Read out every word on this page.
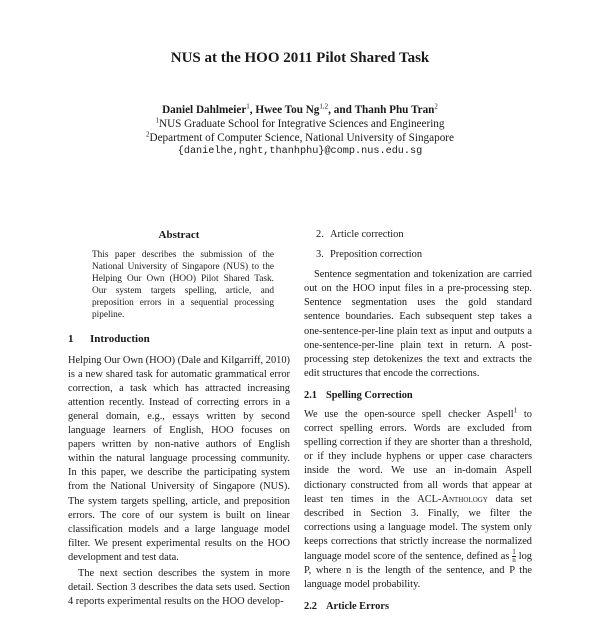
NUS at the HOO 2011 Pilot Shared Task
Daniel Dahlmeier$^1$, Hwee Tou Ng$^{1,2}$, and Thanh Phu Tran$^2$
$^1$NUS Graduate School for Integrative Sciences and Engineering
$^2$Department of Computer Science, National University of Singapore
{danielhe,nght,thanhphu}@comp.nus.edu.sg
Abstract

This paper describes the submission of the National University of Singapore (NUS) to the Helping Our Own (HOO) Pilot Shared Task. Our system targets spelling, article, and preposition errors in a sequential processing pipeline.

1 Introduction

Helping Our Own (HOO) (Dale and Kilgarriff, 2010) is a new shared task for automatic grammatical error correction, a task which has attracted increasing attention recently. Instead of correcting errors in a general domain, e.g., essays written by second language learners of English, HOO focuses on papers written by non-native authors of English within the natural language processing community. In this paper, we describe the participating system from the National University of Singapore (NUS). The system targets spelling, article, and preposition errors. The core of our system is built on linear classification models and a large language model filter. We present experimental results on the HOO development and test data.

The next section describes the system in more detail. Section 3 describes the data sets used. Section 4 reports experimental results on the HOO develop-

2. Article correction
3. Preposition correction

Sentence segmentation and tokenization are carried out on the HOO input files in a pre-processing step. Sentence segmentation uses the gold standard sentence boundaries. Each subsequent step takes a one-sentence-per-line plain text as input and outputs a one-sentence-per-line plain text in return. A post-processing step detokenizes the text and extracts the edit structures that encode the corrections.

2.1 Spelling Correction

We use the open-source spell checker Aspell$^1$ to correct spelling errors. Words are excluded from spelling correction if they are shorter than a threshold, or if they include hyphens or upper case characters inside the word. We use an in-domain Aspell dictionary constructed from all words that appear at least ten times in the ACL-Anthology data set described in Section 3. Finally, we filter the corrections using a language model. The system only keeps corrections that strictly increase the normalized language model score of the sentence, defined as $\frac{1}{n}$ log P, where n is the length of the sentence, and P the language model probability.

2.2 Article Errors
